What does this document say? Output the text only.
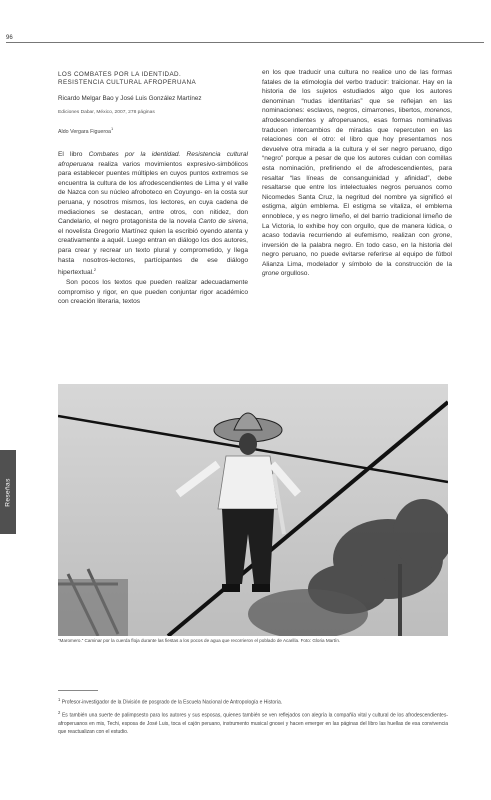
96
LOS COMBATES POR LA IDENTIDAD.
RESISTENCIA CULTURAL AFROPERUANA
Ricardo Melgar Bao y José Luis González Martínez
Ediciones Dabar, México, 2007, 278 páginas
Aldo Vergara Figueroa$^1$

El libro Combates por la identidad. Resistencia cultural afroperuana realiza varios movimientos expresivo-simbólicos para establecer puentes múltiples en cuyos puntos extremos se encuentra la cultura de los afrodescendientes de Lima y el valle de Nazca con su núcleo afroboteco en Coyungo- en la costa sur peruana, y nosotros mismos, los lectores, en cuya cadena de mediaciones se destacan, entre otros, con nitidez, don Candelario, el negro protagonista de la novela Canto de sirena, el novelista Gregorio Martínez quien la escribió oyendo atenta y creativamente a aquél. Luego entran en diálogo los dos autores, para crear y recrear un texto plural y comprometido, y llega hasta nosotros-lectores, partícipantes de ese diálogo hipertextual.$^2$

Son pocos los textos que pueden realizar adecuadamente compromiso y rigor, en que pueden conjuntar rigor académico con creación literaria, textos

en los que traducir una cultura no realice uno de las formas fatales de la etimología del verbo traducir: traicionar. Hay en la historia de los sujetos estudiados algo que los autores denominan “nudas identitarias” que se reflejan en las nominaciones: esclavos, negros, cimarrones, libertos, morenos, afrodescendientes y afroperuanos, esas formas nominativas traducen intercambios de miradas que repercuten en las relaciones con el otro: el libro que hoy presentamos nos devuelve otra mirada a la cultura y el ser negro peruano, digo “negro” porque a pesar de que los autores cuidan con comillas esta nominación, prefiriendo el de afrodescendientes, para resaltar “las líneas de consanguinidad y afinidad”, debe resaltarse que entre los intelectuales negros peruanos como Nicomedes Santa Cruz, la negritud del nombre ya significó el estigma, algún emblema. El estigma se vitaliza, el emblema ennoblece, y es negro limeño, el del barrio tradicional limeño de La Victoria, lo exhibe hoy con orgullo, que de manera lúdica, o acaso todavía recurriendo al eufemismo, realizan con grone, inversión de la palabra negro. En todo caso, en la historia del negro peruano, no puede evitarse referirse al equipo de fútbol Alianza Lima, modelador y símbolo de la construcción de la grone orgulloso.

Reseñas
“Maromero.” Caminar por la cuerda floja durante las fiestas a los pocos de agua que recorrieron el poblado de Acarilla. Foto: Gloria Martín.

$^1$ Profesor-investigador de la División de posgrado de la Escuela Nacional de Antropología e Historia.

$^2$ Es también una suerte de palimpsesto para los autores y sus esposas, quienes también se ven reflejados con alegría la compañía vital y cultural de los afrodescendientes-afroperuanos en mis, Techi, esposa de José Luis, toca el cajón peruano, instrumento musical gnosei y hacen emerger en las páginas del libro las huellas de esa convivencia que reactualizan con el estudio.
